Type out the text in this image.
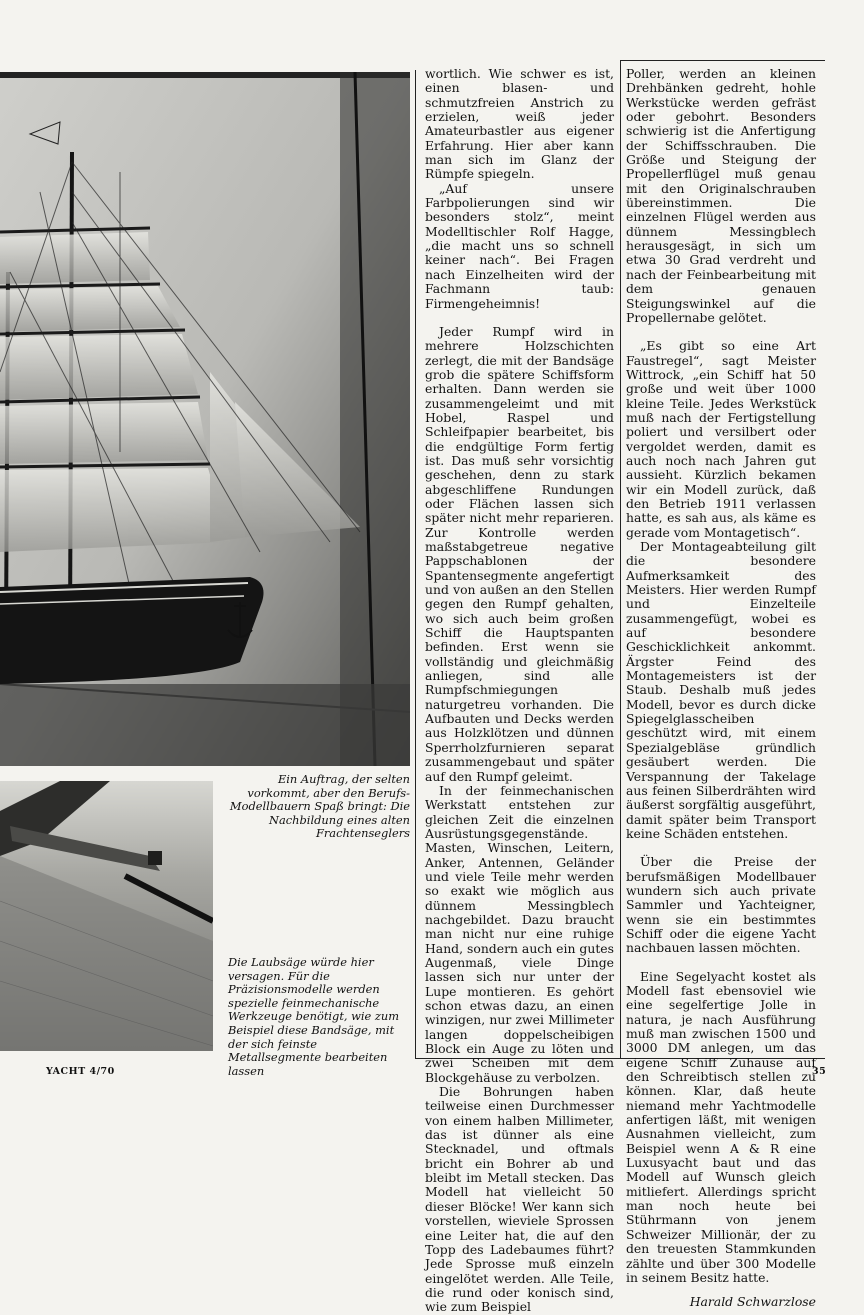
Ein Auftrag, der selten vorkommt, aber den Berufs-Modellbauern Spaß bringt: Die Nachbildung eines alten Frachtenseglers
Die Laubsäge würde hier versagen. Für die Präzisionsmodelle werden spezielle feinmechanische Werkzeuge benötigt, wie zum Beispiel diese Bandsäge, mit der sich feinste Metallsegmente bearbeiten lassen

wortlich. Wie schwer es ist, einen blasen- und schmutzfreien Anstrich zu erzielen, weiß jeder Amateurbastler aus eigener Erfahrung. Hier aber kann man sich im Glanz der Rümpfe spiegeln.

„Auf unsere Farbpolierungen sind wir besonders stolz“, meint Modelltischler Rolf Hagge, „die macht uns so schnell keiner nach“. Bei Fragen nach Einzelheiten wird der Fachmann taub: Firmengeheimnis!

Jeder Rumpf wird in mehrere Holzschichten zerlegt, die mit der Bandsäge grob die spätere Schiffsform erhalten. Dann werden sie zusammengeleimt und mit Hobel, Raspel und Schleifpapier bearbeitet, bis die endgültige Form fertig ist. Das muß sehr vorsichtig geschehen, denn zu stark abgeschliffene Rundungen oder Flächen lassen sich später nicht mehr reparieren. Zur Kontrolle werden maßstabgetreue negative Pappschablonen der Spantensegmente angefertigt und von außen an den Stellen gegen den Rumpf gehalten, wo sich auch beim großen Schiff die Hauptspanten befinden. Erst wenn sie vollständig und gleichmäßig anliegen, sind alle Rumpfschmiegungen naturgetreu vorhanden. Die Aufbauten und Decks werden aus Holzklötzen und dünnen Sperrholzfurnieren separat zusammengebaut und später auf den Rumpf geleimt.

In der feinmechanischen Werkstatt entstehen zur gleichen Zeit die einzelnen Ausrüstungsgegenstände. Masten, Winschen, Leitern, Anker, Antennen, Geländer und viele Teile mehr werden so exakt wie möglich aus dünnem Messingblech nachgebildet. Dazu braucht man nicht nur eine ruhige Hand, sondern auch ein gutes Augenmaß, viele Dinge lassen sich nur unter der Lupe montieren. Es gehört schon etwas dazu, an einen winzigen, nur zwei Millimeter langen doppelscheibigen Block ein Auge zu löten und zwei Scheiben mit dem Blockgehäuse zu verbolzen.

Die Bohrungen haben teilweise einen Durchmesser von einem halben Millimeter, das ist dünner als eine Stecknadel, und oftmals bricht ein Bohrer ab und bleibt im Metall stecken. Das Modell hat vielleicht 50 dieser Blöcke! Wer kann sich vorstellen, wieviele Sprossen eine Leiter hat, die auf den Topp des Ladebaumes führt? Jede Sprosse muß einzeln eingelötet werden. Alle Teile, die rund oder konisch sind, wie zum Beispiel

Poller, werden an kleinen Drehbänken gedreht, hohle Werkstücke werden gefräst oder gebohrt. Besonders schwierig ist die Anfertigung der Schiffsschrauben. Die Größe und Steigung der Propellerflügel muß genau mit den Originalschrauben übereinstimmen. Die einzelnen Flügel werden aus dünnem Messingblech herausgesägt, in sich um etwa 30 Grad verdreht und nach der Feinbearbeitung mit dem genauen Steigungswinkel auf die Propellernabe gelötet.

„Es gibt so eine Art Faustregel“, sagt Meister Wittrock, „ein Schiff hat 50 große und weit über 1000 kleine Teile. Jedes Werkstück muß nach der Fertigstellung poliert und versilbert oder vergoldet werden, damit es auch noch nach Jahren gut aussieht. Kürzlich bekamen wir ein Modell zurück, daß den Betrieb 1911 verlassen hatte, es sah aus, als käme es gerade vom Montagetisch“.

Der Montageabteilung gilt die besondere Aufmerksamkeit des Meisters. Hier werden Rumpf und Einzelteile zusammengefügt, wobei es auf besondere Geschicklichkeit ankommt. Ärgster Feind des Montagemeisters ist der Staub. Deshalb muß jedes Modell, bevor es durch dicke Spiegelglasscheiben geschützt wird, mit einem Spezialgebläse gründlich gesäubert werden. Die Verspannung der Takelage aus feinen Silberdrähten wird äußerst sorgfältig ausgeführt, damit später beim Transport keine Schäden entstehen.

Über die Preise der berufsmäßigen Modellbauer wundern sich auch private Sammler und Yachteigner, wenn sie ein bestimmtes Schiff oder die eigene Yacht nachbauen lassen möchten.

Eine Segelyacht kostet als Modell fast ebensoviel wie eine segelfertige Jolle in natura, je nach Ausführung muß man zwischen 1500 und 3000 DM anlegen, um das eigene Schiff Zuhause auf den Schreibtisch stellen zu können. Klar, daß heute niemand mehr Yachtmodelle anfertigen läßt, mit wenigen Ausnahmen vielleicht, zum Beispiel wenn A & R eine Luxusyacht baut und das Modell auf Wunsch gleich mitliefert. Allerdings spricht man noch heute bei Stührmann von jenem Schweizer Millionär, der zu den treuesten Stammkunden zählte und über 300 Modelle in seinem Besitz hatte.

Harald Schwarzlose
YACHT 4/70	35
